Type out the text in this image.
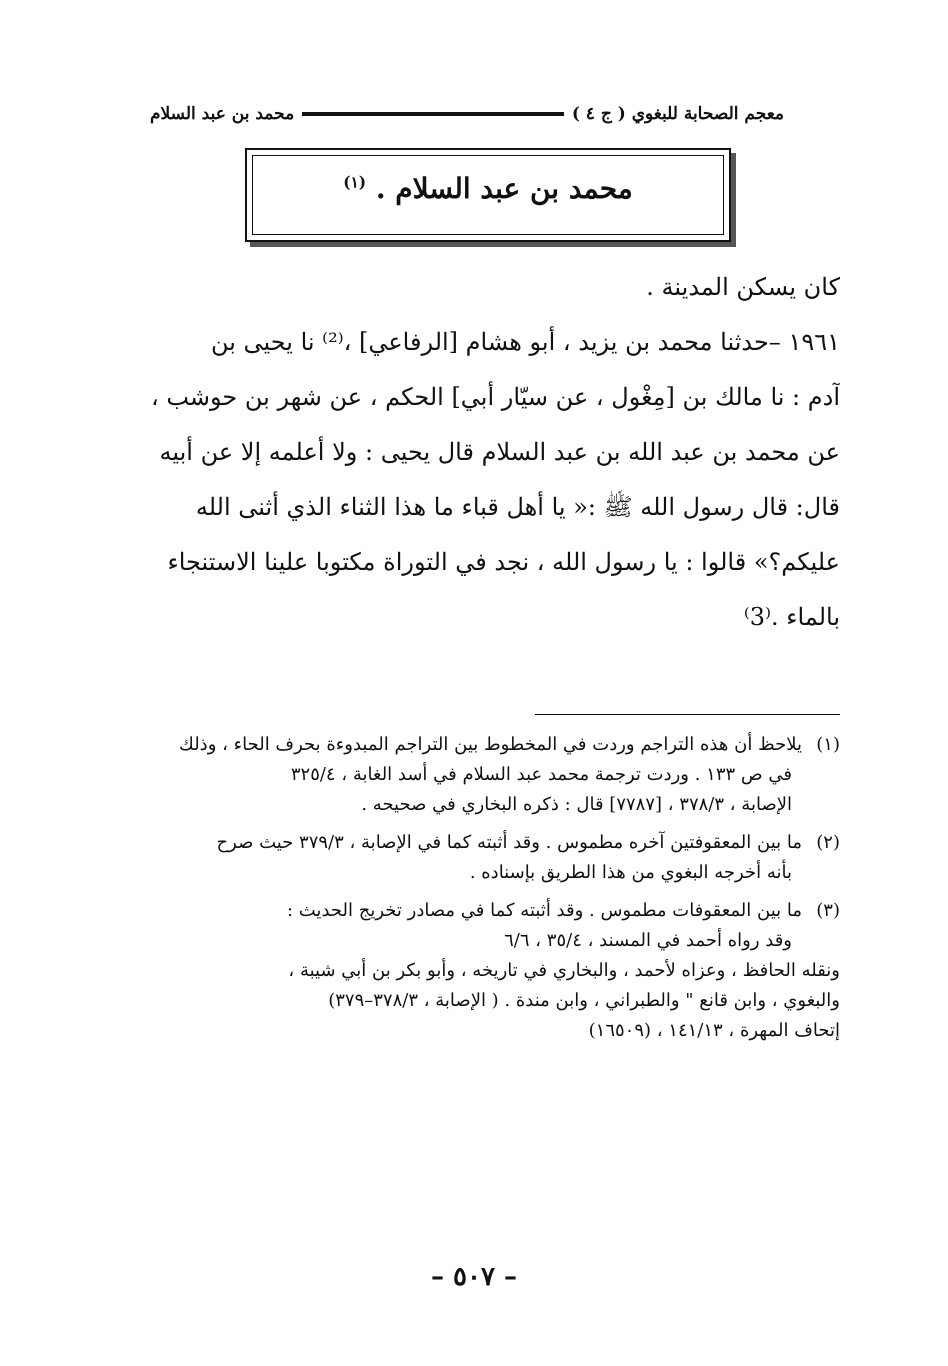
معجم الصحابة للبغوي ( ج ٤ )
محمد بن عبد السلام
محمد بن عبد السلام . $^{(١)}$
كان يسكن المدينة .
١٩٦١ –حدثنا محمد بن يزيد ، أبو هشام [الرفاعي] ،⁽²⁾ نا يحيى بن
آدم : نا مالك بن [مِغْول ، عن سيّار أبي] الحكم ، عن شهر بن حوشب ،
عن محمد بن عبد الله بن عبد السلام قال يحيى : ولا أعلمه إلا عن أبيه
قال: قال رسول الله ﷺ :« يا أهل قباء ما هذا الثناء الذي أثنى الله
عليكم؟» قالوا : يا رسول الله ، نجد في التوراة مكتوبا علينا الاستنجاء
بالماء .⁽3⁾
(١)
يلاحظ أن هذه التراجم وردت في المخطوط بين التراجم المبدوءة بحرف الحاء ، وذلك
في ص ١٣٣ . وردت ترجمة محمد عبد السلام في أسد الغابة ، ٣٢٥/٤
الإصابة ، ٣٧٨/٣ ، [٧٧٨٧] قال : ذكره البخاري في صحيحه .
(٢)
ما بين المعقوفتين آخره مطموس . وقد أثبته كما في الإصابة ، ٣٧٩/٣ حيث صرح
بأنه أخرجه البغوي من هذا الطريق بإسناده .
(٣)
ما بين المعقوفات مطموس . وقد أثبته كما في مصادر تخريج الحديث :
وقد رواه أحمد في المسند ، ٣٥/٤ ، ٦/٦
ونقله الحافظ ، وعزاه لأحمد ، والبخاري في تاريخه ، وأبو بكر بن أبي شيبة ،
والبغوي ، وابن قانع " والطبراني ، وابن مندة . ( الإصابة ، ٣٧٨/٣–٣٧٩)
إتحاف المهرة ، ١٤١/١٣ ، (١٦٥٠٩)
– ٥٠٧ –
